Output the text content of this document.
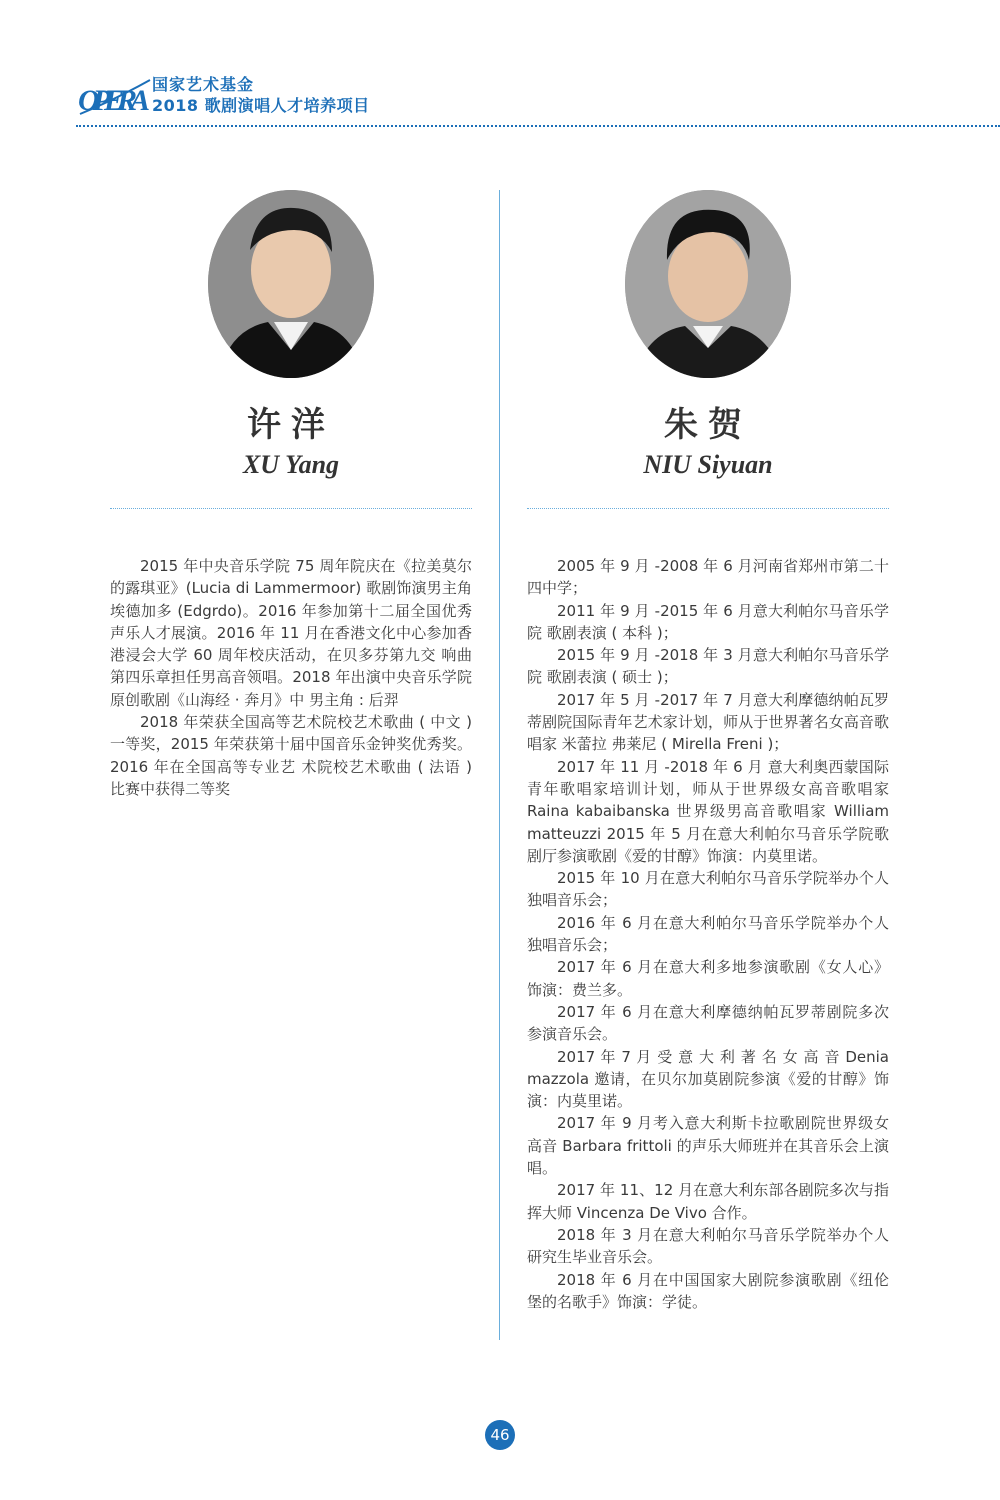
OPERA 国家艺术基金
2018 歌剧演唱人才培养项目
许洋
XU Yang

2015 年中央音乐学院 75 周年院庆在《拉美莫尔的露琪亚》(Lucia di Lammermoor) 歌剧饰演男主角埃德加多 (Edgrdo)。2016 年参加第十二届全国优秀声乐人才展演。2016 年 11 月在香港文化中心参加香港浸会大学 60 周年校庆活动，在贝多芬第九交 响曲第四乐章担任男高音领唱。2018 年出演中央音乐学院原创歌剧《山海经 · 奔月》中 男主角 : 后羿

2018 年荣获全国高等艺术院校艺术歌曲 ( 中文 ) 一等奖，2015 年荣获第十届中国音乐金钟奖优秀奖。2016 年在全国高等专业艺 术院校艺术歌曲 ( 法语 ) 比赛中获得二等奖

朱贺
NIU Siyuan

2005 年 9 月 -2008 年 6 月河南省郑州市第二十四中学；

2011 年 9 月 -2015 年 6 月意大利帕尔马音乐学院 歌剧表演 ( 本科 )；

2015 年 9 月 -2018 年 3 月意大利帕尔马音乐学院 歌剧表演 ( 硕士 )；

2017 年 5 月 -2017 年 7 月意大利摩德纳帕瓦罗蒂剧院国际青年艺术家计划，师从于世界著名女高音歌唱家 米蕾拉 弗莱尼 ( Mirella Freni )；

2017 年 11 月 -2018 年 6 月 意大利奥西蒙国际青年歌唱家培训计划，师从于世界级女高音歌唱家 Raina kabaibanska 世界级男高音歌唱家 William matteuzzi 2015 年 5 月在意大利帕尔马音乐学院歌剧厅参演歌剧《爱的甘醇》饰演：内莫里诺。

2015 年 10 月在意大利帕尔马音乐学院举办个人独唱音乐会；

2016 年 6 月在意大利帕尔马音乐学院举办个人独唱音乐会；

2017 年 6 月在意大利多地参演歌剧《女人心》饰演：费兰多。

2017 年 6 月在意大利摩德纳帕瓦罗蒂剧院多次参演音乐会。

2017 年 7 月 受 意 大 利 著 名 女 高 音 Denia mazzola 邀请，在贝尔加莫剧院参演《爱的甘醇》饰演：内莫里诺。

2017 年 9 月考入意大利斯卡拉歌剧院世界级女高音 Barbara frittoli 的声乐大师班并在其音乐会上演唱。

2017 年 11、12 月在意大利东部各剧院多次与指挥大师 Vincenza De Vivo 合作。

2018 年 3 月在意大利帕尔马音乐学院举办个人研究生毕业音乐会。

2018 年 6 月在中国国家大剧院参演歌剧《纽伦堡的名歌手》饰演：学徒。

46
